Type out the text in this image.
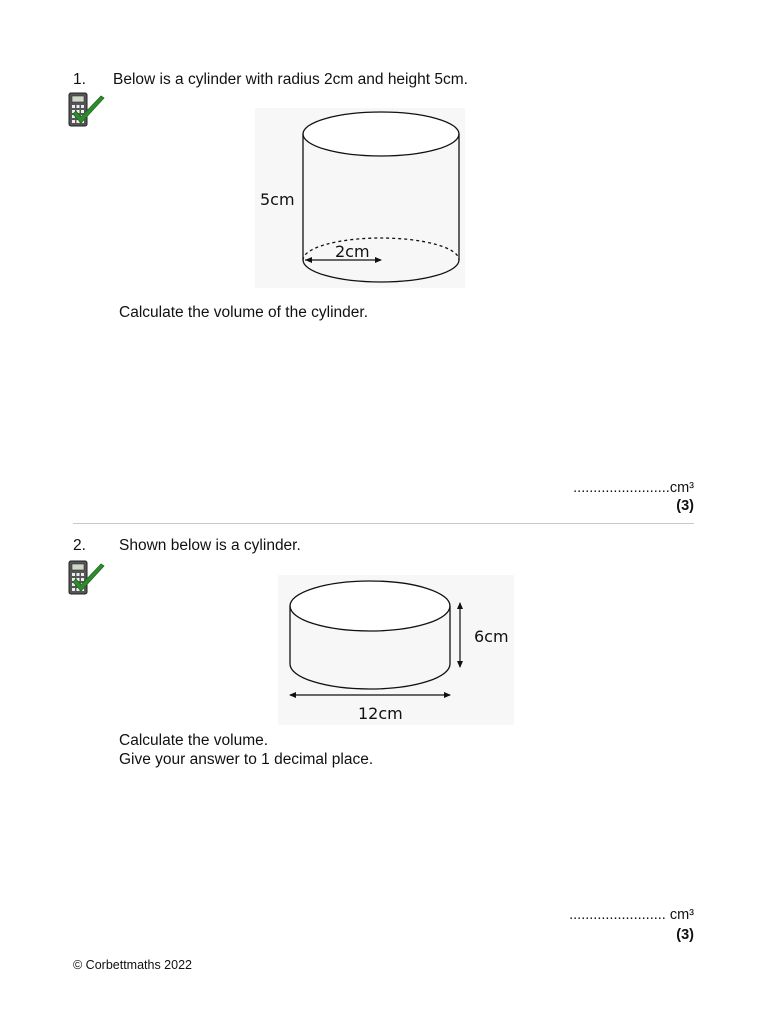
1. Below is a cylinder with radius 2cm and height 5cm.
2cm
5cm
Calculate the volume of the cylinder.
........................cm³
(3)
2. Shown below is a cylinder.
6cm
12cm
Calculate the volume.
Give your answer to 1 decimal place.
........................ cm³
(3)
© Corbettmaths 2022
